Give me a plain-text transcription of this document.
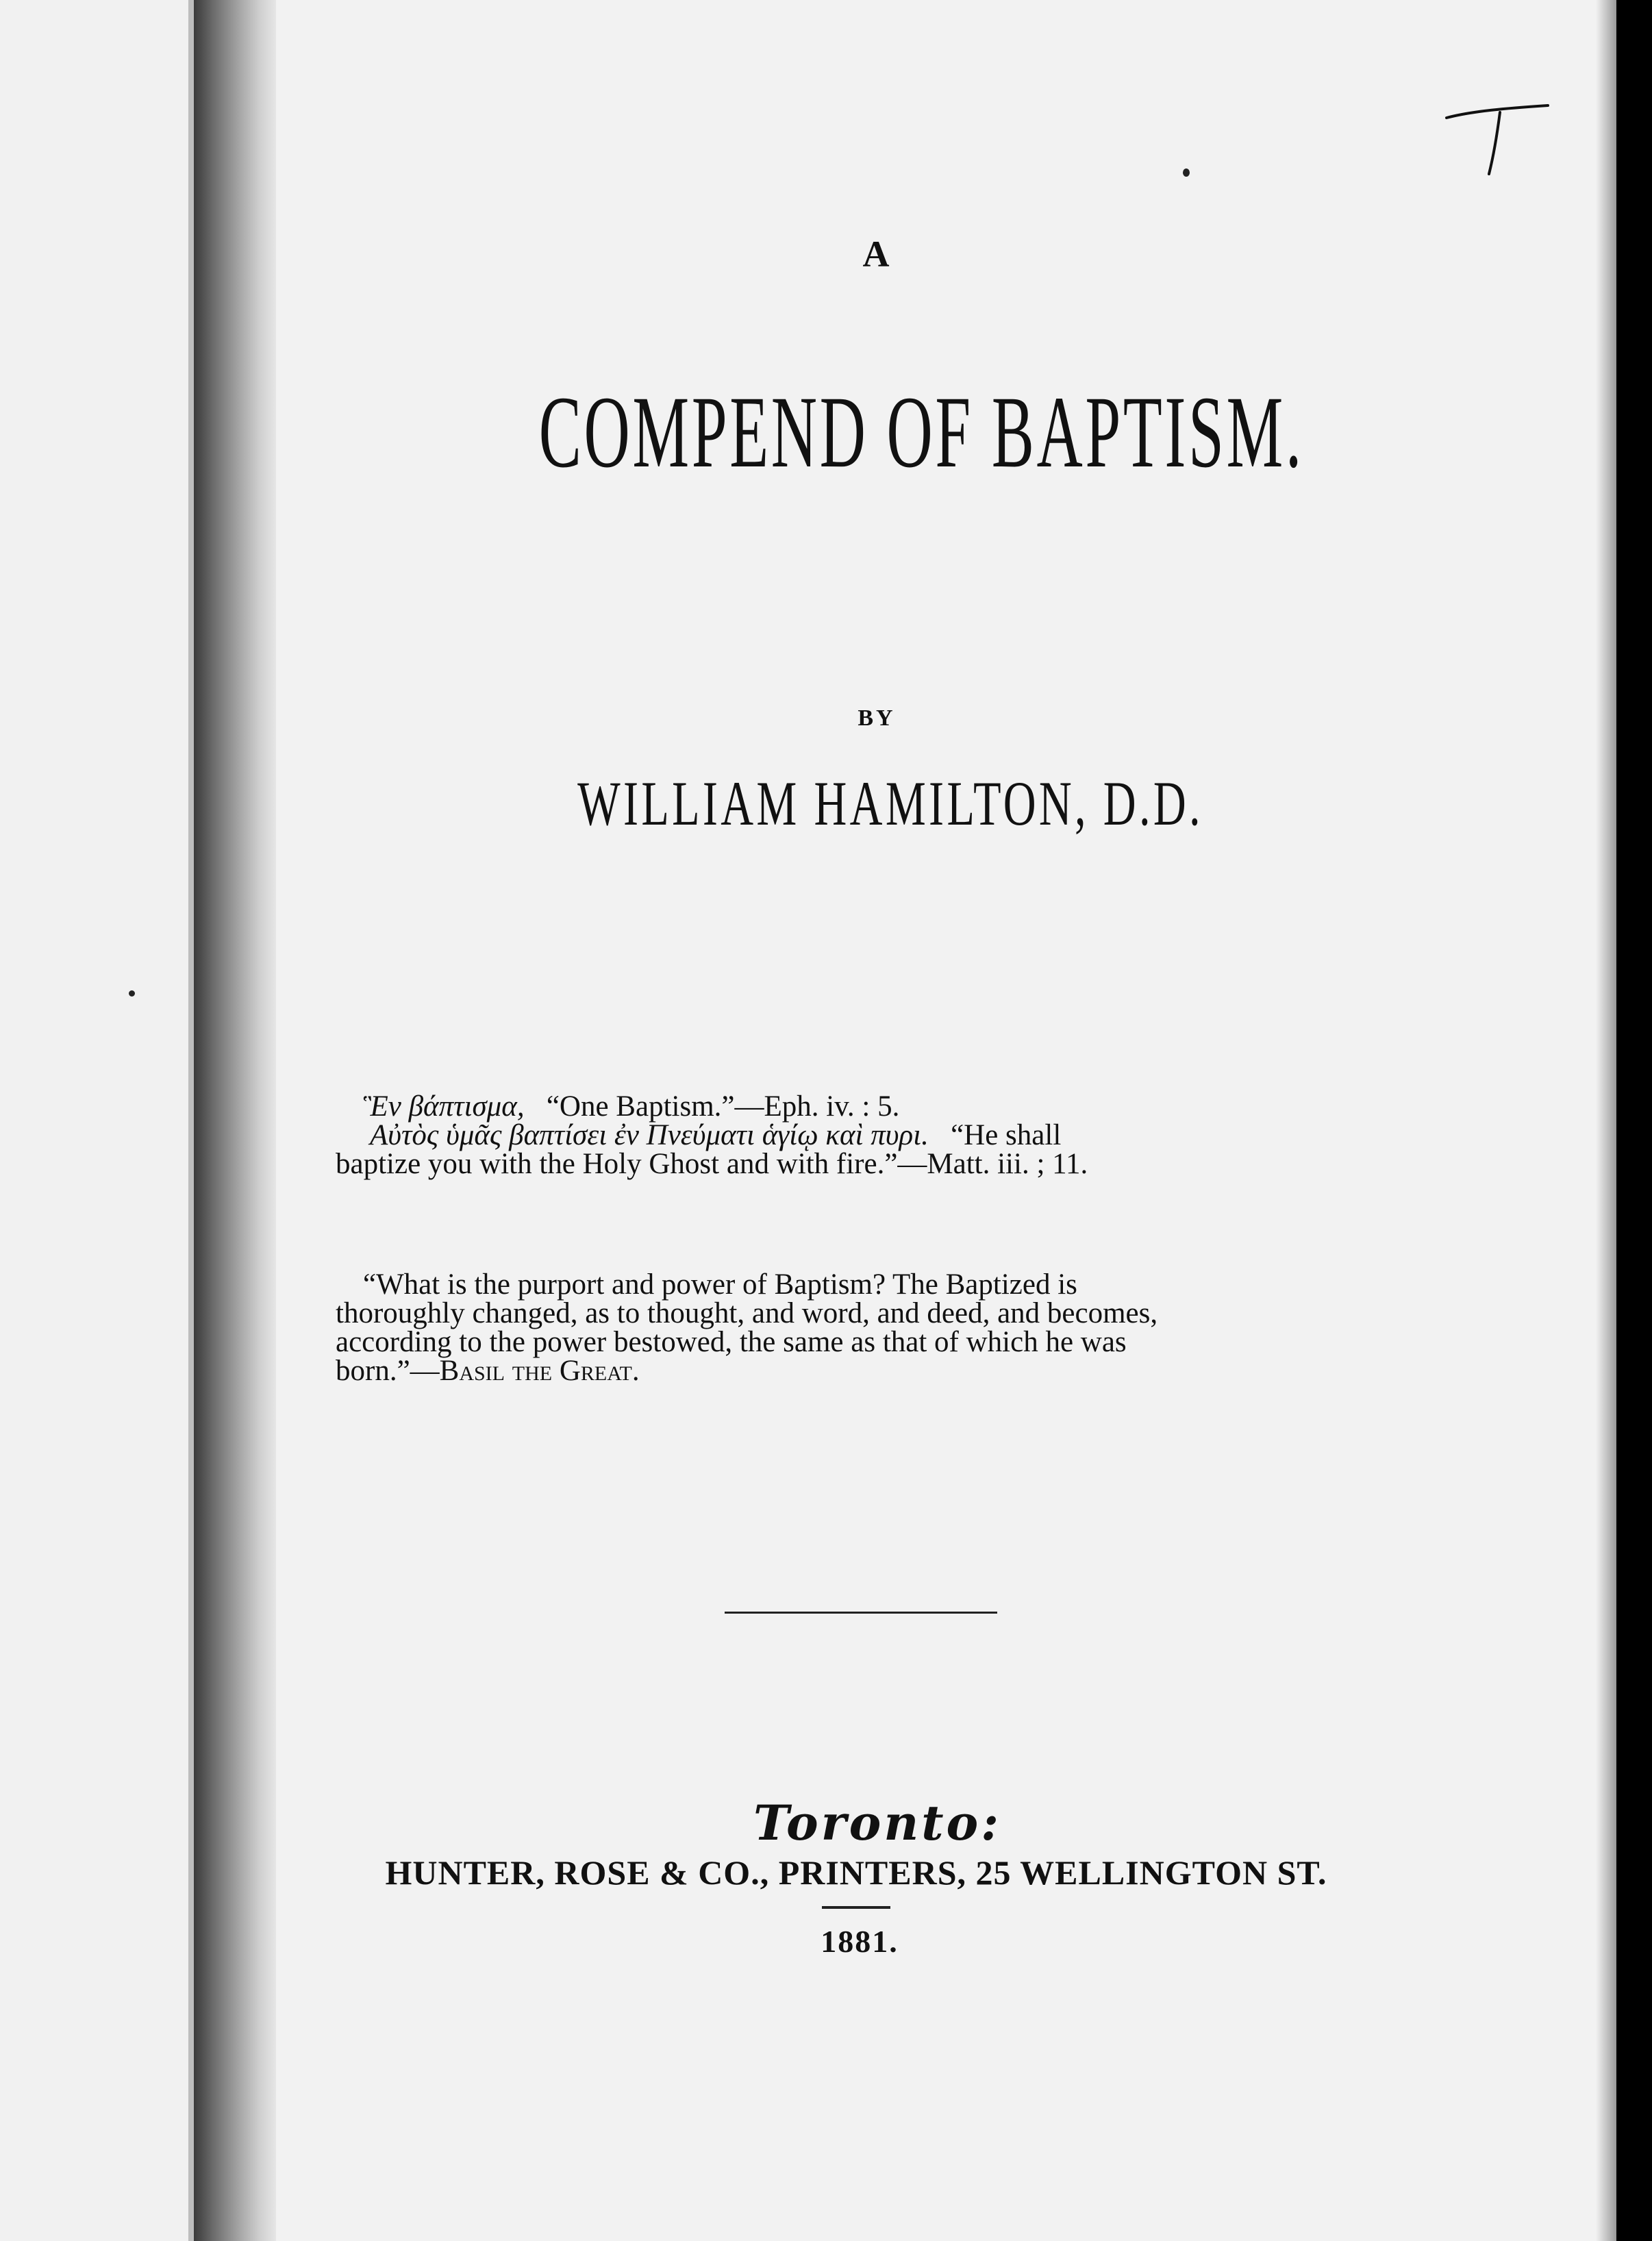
A
COMPEND OF BAPTISM.
BY
WILLIAM HAMILTON, D.D.
Ἓν βάπτισμα, “One Baptism.”—Eph. iv. : 5.
Αὐτὸς ὑμᾶς βαπτίσει ἐν Πνεύματι ἁγίῳ καὶ πυρι. “He shall
baptize you with the Holy Ghost and with fire.”—Matt. iii. ; 11.
“What is the purport and power of Baptism? The Baptized is
thoroughly changed, as to thought, and word, and deed, and becomes,
according to the power bestowed, the same as that of which he was
born.”— Basil the Great.
Toronto:
HUNTER, ROSE & CO., PRINTERS, 25 WELLINGTON ST.
1881.
